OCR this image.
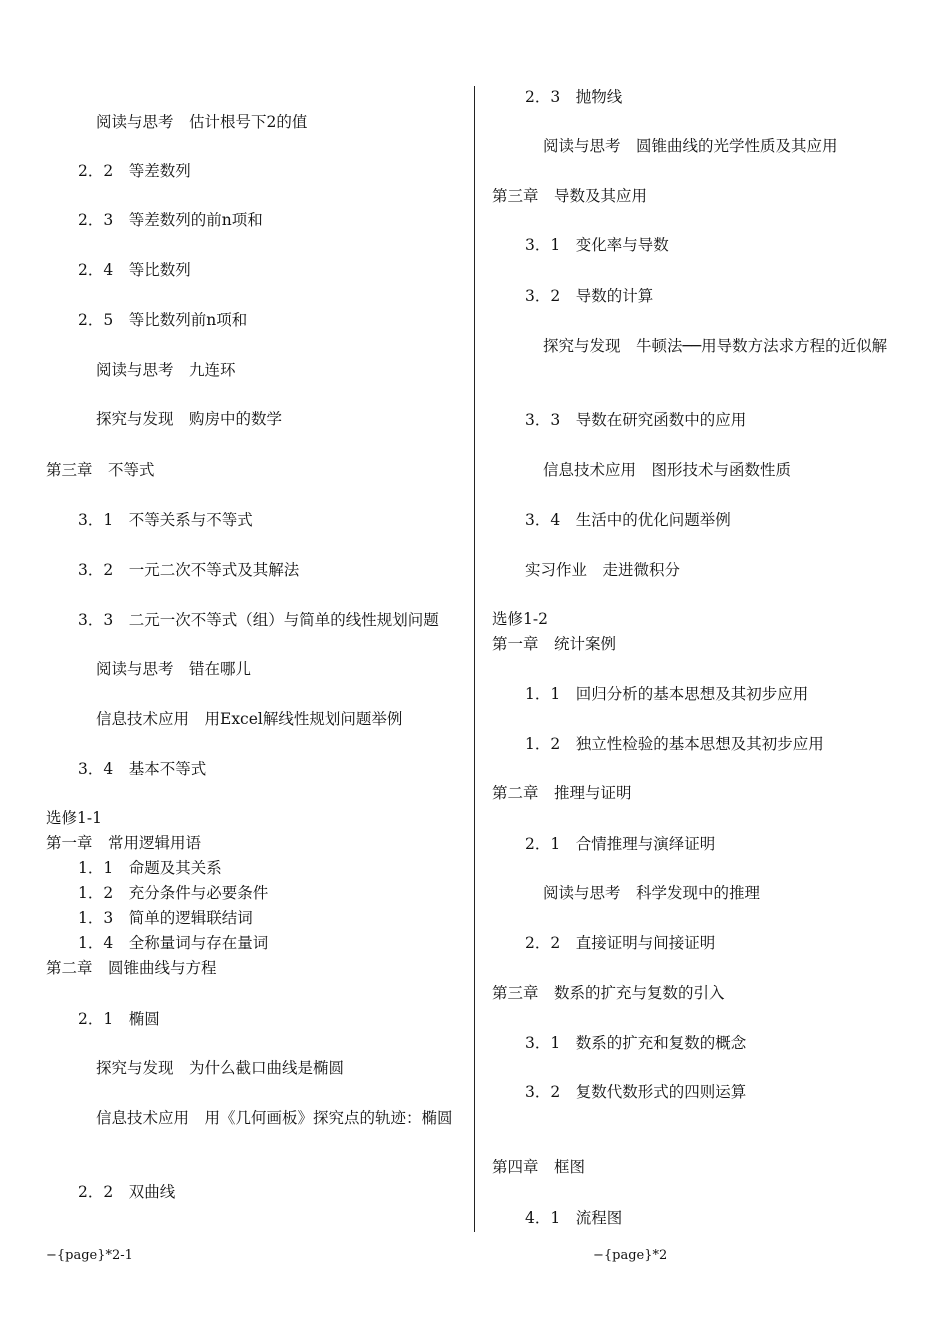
阅读与思考　估计根号下2的值
2．2　等差数列
2．3　等差数列的前n项和
2．4　等比数列
2．5　等比数列前n项和
阅读与思考　九连环
探究与发现　购房中的数学
第三章　不等式
3．1　不等关系与不等式
3．2　一元二次不等式及其解法
3．3　二元一次不等式（组）与简单的线性规划问题
阅读与思考　错在哪儿
信息技术应用　用Excel解线性规划问题举例
3．4　基本不等式
选修1-1
第一章　常用逻辑用语
1．1　命题及其关系
1．2　充分条件与必要条件
1．3　简单的逻辑联结词
1．4　全称量词与存在量词
第二章　圆锥曲线与方程
2．1　椭圆
探究与发现　为什么截口曲线是椭圆
信息技术应用　用《几何画板》探究点的轨迹：椭圆
2．2　双曲线
2．3　抛物线
阅读与思考　圆锥曲线的光学性质及其应用
第三章　导数及其应用
3．1　变化率与导数
3．2　导数的计算
探究与发现　牛顿法──用导数方法求方程的近似解
3．3　导数在研究函数中的应用
信息技术应用　图形技术与函数性质
3．4　生活中的优化问题举例
实习作业　走进微积分
选修1-2
第一章　统计案例
1．1　回归分析的基本思想及其初步应用
1．2　独立性检验的基本思想及其初步应用
第二章　推理与证明
2．1　合情推理与演绎证明
阅读与思考　科学发现中的推理
2．2　直接证明与间接证明
第三章　数系的扩充与复数的引入
3．1　数系的扩充和复数的概念
3．2　复数代数形式的四则运算
第四章　框图
4．1　流程图
−{page}*2-1	−{page}*2
